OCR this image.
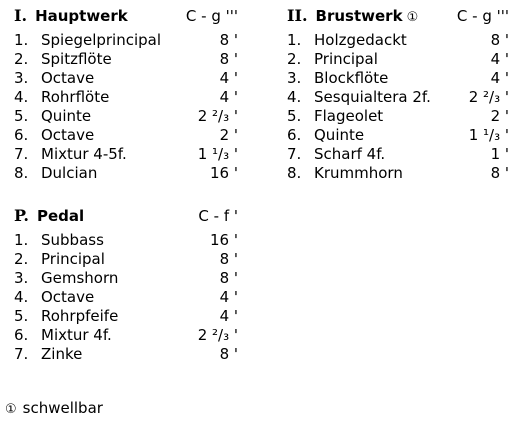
I. Hauptwerk	C - g '''
1. Spiegelprincipal	8 '
2. Spitzflöte	8 '
3. Octave	4 '
4. Rohrflöte	4 '
5. Quinte	2 ²/₃ '
6. Octave	2 '
7. Mixtur 4-5f.	1 ¹/₃ '
8. Dulcian	16 '
II. Brustwerk ①	C - g '''
1. Holzgedackt	8 '
2. Principal	4 '
3. Blockflöte	4 '
4. Sesquialtera 2f.	2 ²/₃ '
5. Flageolet	2 '
6. Quinte	1 ¹/₃ '
7. Scharf 4f.	1 '
8. Krummhorn	8 '
P. Pedal	C - f '
1. Subbass	16 '
2. Principal	8 '
3. Gemshorn	8 '
4. Octave	4 '
5. Rohrpfeife	4 '
6. Mixtur 4f.	2 ²/₃ '
7. Zinke	8 '
① schwellbar
